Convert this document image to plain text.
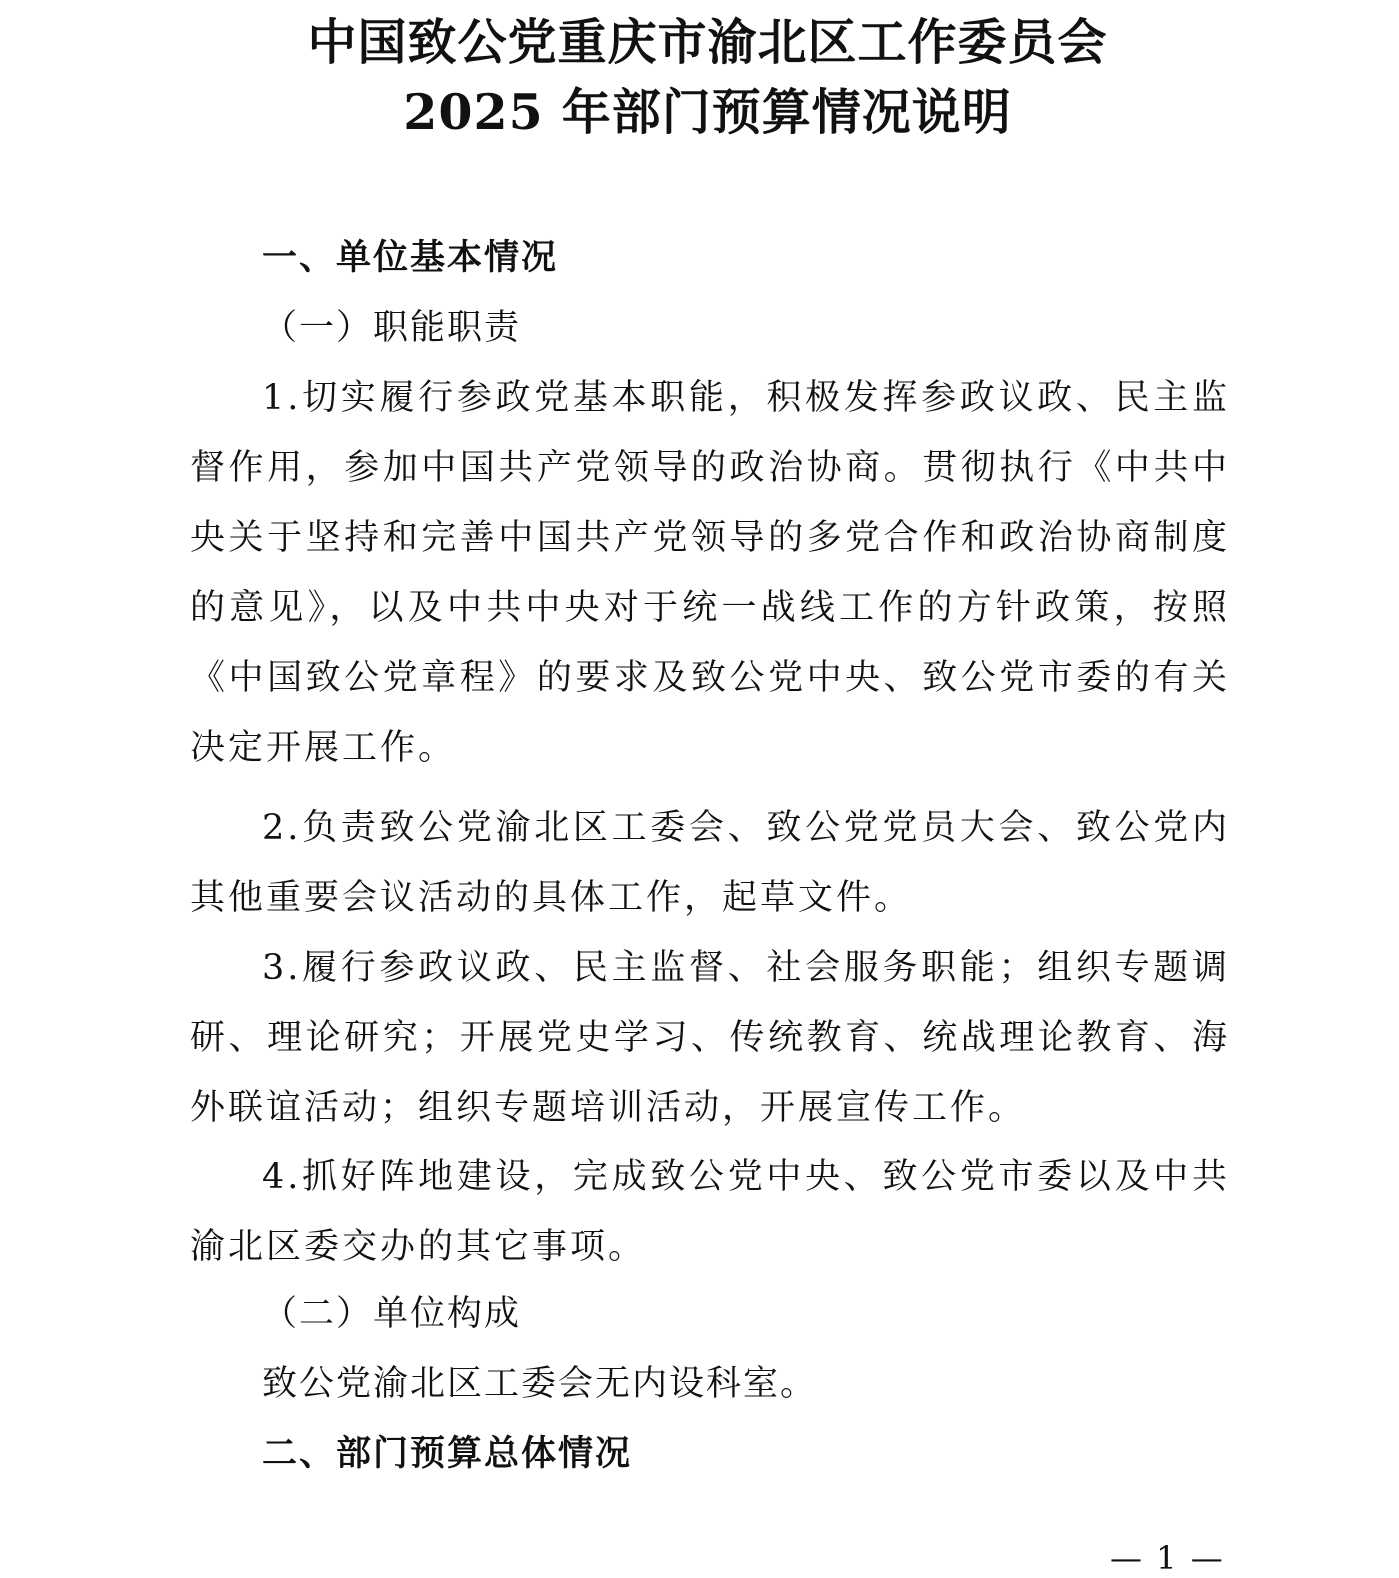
中国致公党重庆市渝北区工作委员会
2025 年部门预算情况说明
一、单位基本情况
（一）职能职责

1.切实履行参政党基本职能，积极发挥参政议政、民主监督作用，参加中国共产党领导的政治协商。贯彻执行《中共中央关于坚持和完善中国共产党领导的多党合作和政治协商制度的意见》，以及中共中央对于统一战线工作的方针政策，按照《中国致公党章程》的要求及致公党中央、致公党市委的有关决定开展工作。

2.负责致公党渝北区工委会、致公党党员大会、致公党内其他重要会议活动的具体工作，起草文件。

3.履行参政议政、民主监督、社会服务职能；组织专题调研、理论研究；开展党史学习、传统教育、统战理论教育、海外联谊活动；组织专题培训活动，开展宣传工作。

4.抓好阵地建设，完成致公党中央、致公党市委以及中共渝北区委交办的其它事项。

（二）单位构成
致公党渝北区工委会无内设科室。
二、部门预算总体情况
— 1 —
